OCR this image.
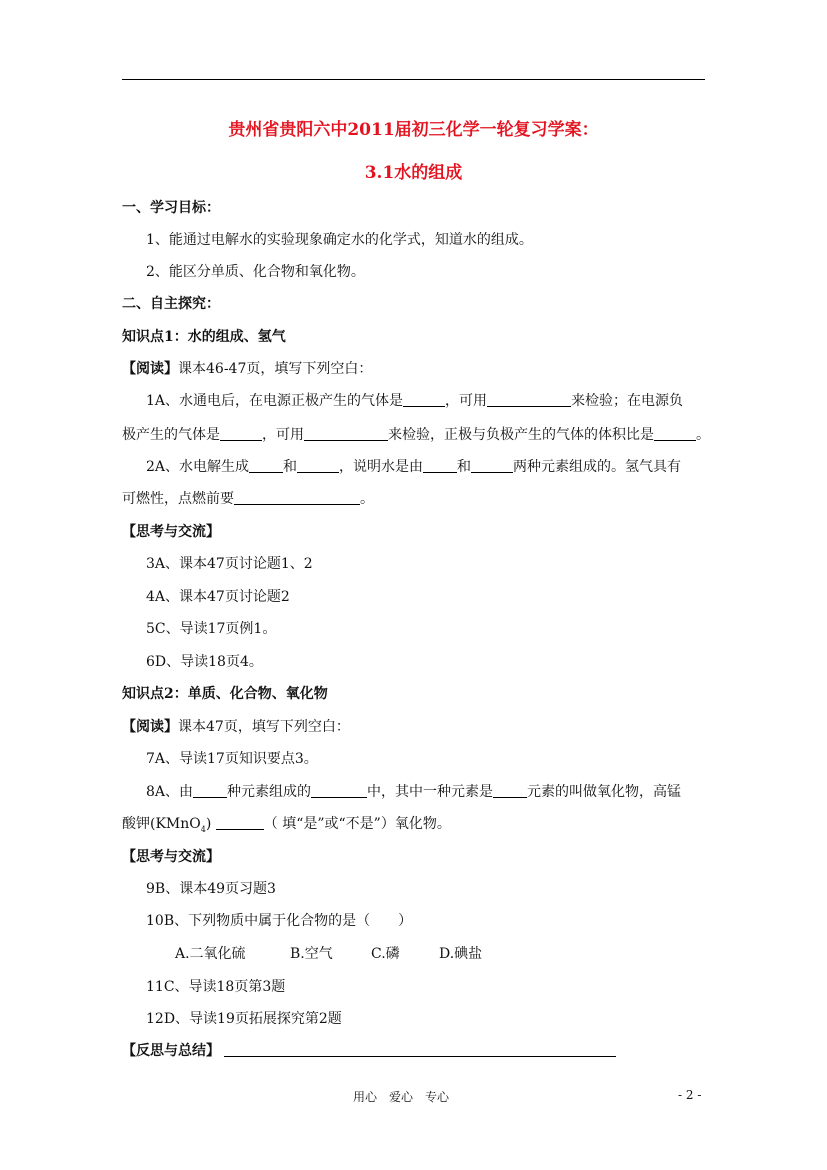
贵州省贵阳六中2011届初三化学一轮复习学案：
3.1水的组成
一、学习目标：
1、能通过电解水的实验现象确定水的化学式，知道水的组成。
2、能区分单质、化合物和氧化物。
二、自主探究：
知识点1：水的组成、氢气
【阅读】课本46-47页，填写下列空白：
1A、水通电后，在电源正极产生的气体是	，可用	来检验；在电源负
极产生的气体是	，可用	来检验，正极与负极产生的气体的体积比是	。
2A、水电解生成 和	，说明水是由 和	两种元素组成的。氢气具有
可燃性，点燃前要	。
【思考与交流】
3A、课本47页讨论题1、2
4A、课本47页讨论题2
5C、导读17页例1。
6D、导读18页4。
知识点2：单质、化合物、氧化物
【阅读】课本47页，填写下列空白：
7A、导读17页知识要点3。
8A、由 种元素组成的	中，其中一种元素是 元素的叫做氧化物，高锰
酸钾(KMnO$_4$)	（ 填“是”或“不是”）氧化物。
【思考与交流】
9B、课本49页习题3
10B、下列物质中属于化合物的是（　　）
A.二氧化硫	B.空气	C.磷	D.碘盐
11C、导读18页第3题
12D、导读19页拓展探究第2题
【反思与总结】
用心　爱心　专心	- 2 -
